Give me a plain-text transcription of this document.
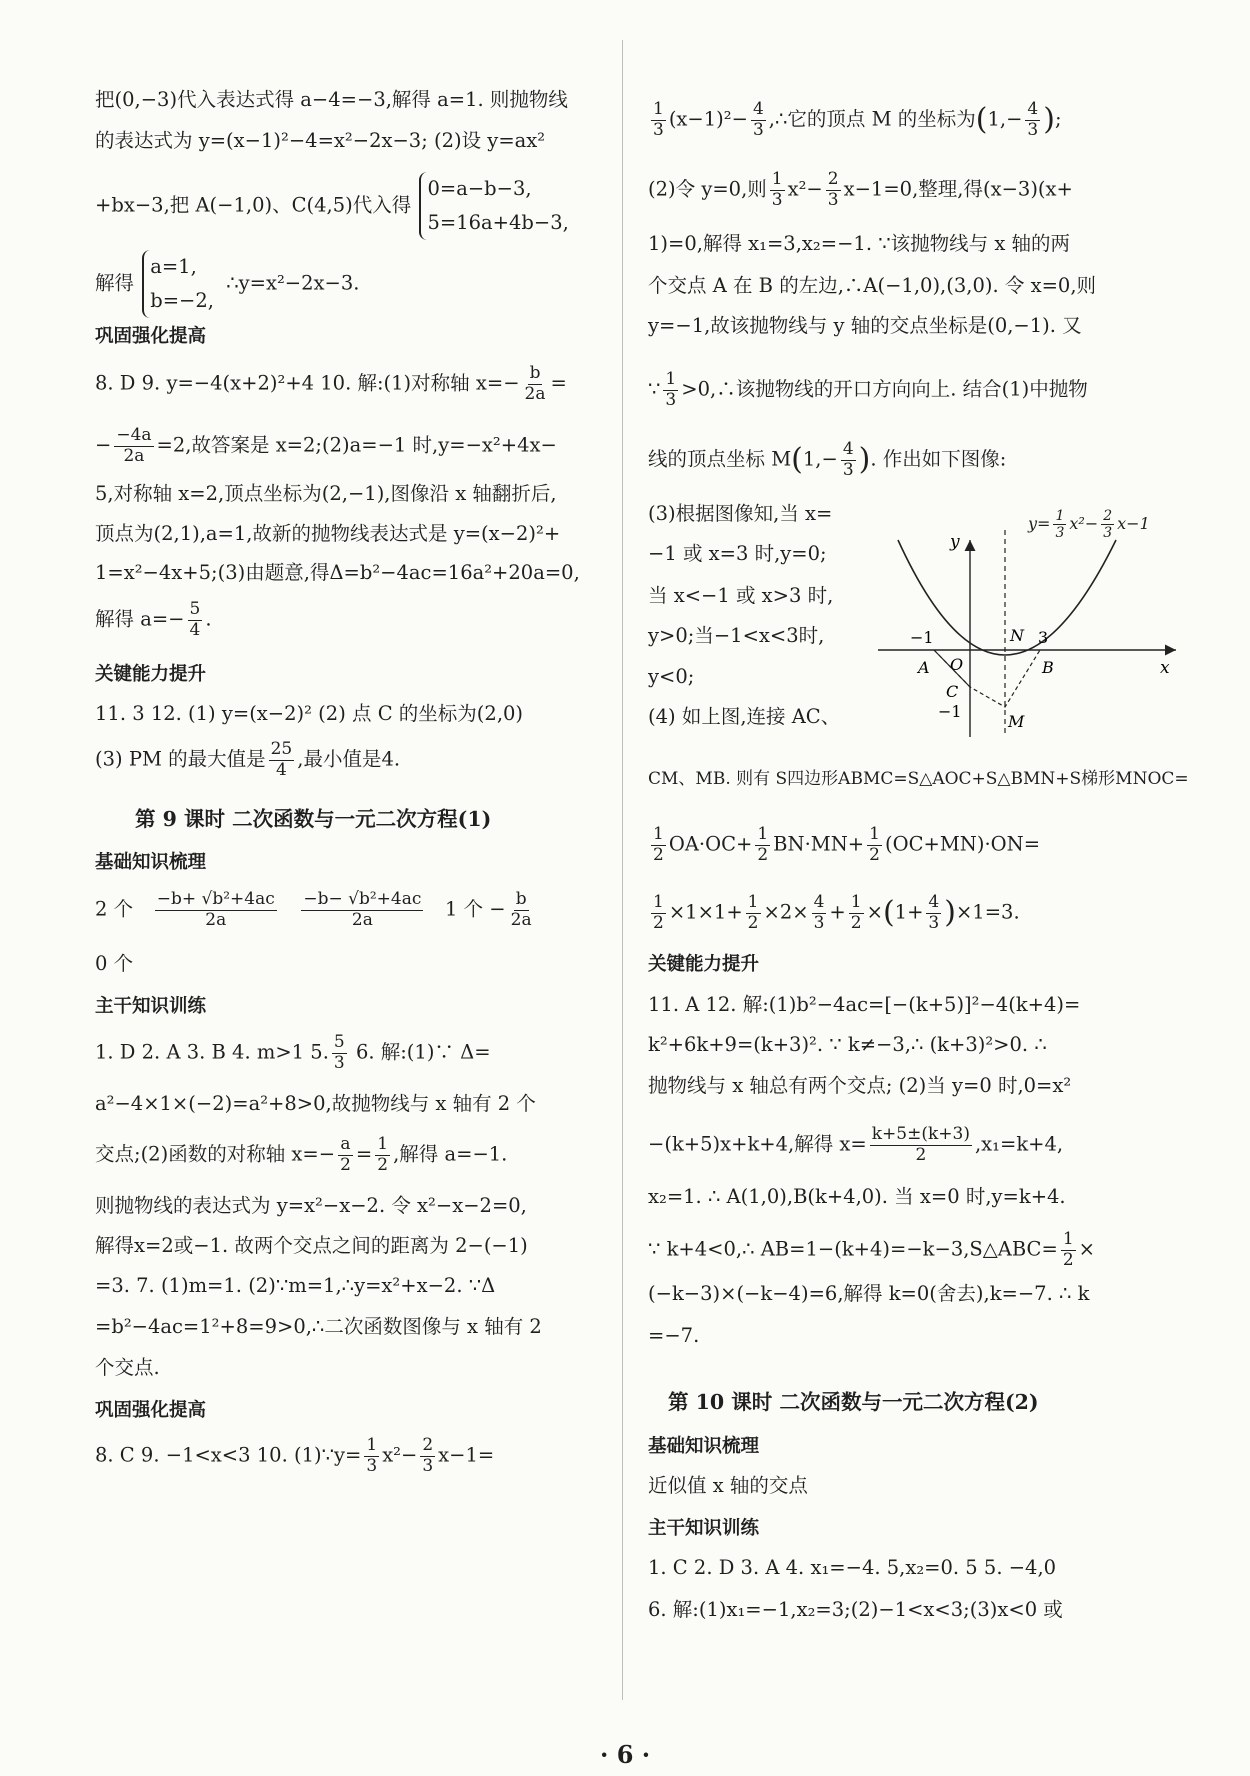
把(0,−3)代入表达式得 a−4=−3,解得 a=1. 则抛物线
的表达式为 y=(x−1)²−4=x²−2x−3; (2)设 y=ax²
+bx−3,把 A(−1,0)、C(4,5)代入得
0=a−b−3,
5=16a+4b−3,
解得
a=1,
b=−2,
∴y=x²−2x−3.
巩固强化提高
8. D 9. y=−4(x+2)²+4 10. 解:(1)对称轴 $x=- \frac{b}{2a}$ =
− $\frac{-4a}{2a} =2$,故答案是 x=2;(2)a=−1 时,y=−x²+4x−
5,对称轴 x=2,顶点坐标为(2,−1),图像沿 x 轴翻折后,
顶点为(2,1),a=1,故新的抛物线表达式是 y=(x−2)²+
1=x²−4x+5;(3)由题意,得Δ=b²−4ac=16a²+20a=0,
解得 $a=- \frac{5}{4}$ .
关键能力提升
11. 3 12. (1) y=(x−2)² (2) 点 C 的坐标为(2,0)
(3) PM 的最大值是 $\frac{25}{4}$ ,最小值是4.
第 9 课时 二次函数与一元二次方程(1)
基础知识梳理
2 个 $\frac{\text{−b+ √b²+4ac}}{2a}$
$\frac{\text{−b− √b²+4ac}}{2a} 1$ 个 − $\frac{b}{2a}$
0 个
主干知识训练
1. D 2. A 3. B 4. m>1 5. $\frac{5}{3} 6$. 解:(1)∵ Δ=
a²−4×1×(−2)=a²+8>0,故抛物线与 x 轴有 2 个
交点;(2)函数的对称轴 $x=- \frac{a}{2} = \frac{1}{2}$ ,解得 a=−1.
则抛物线的表达式为 y=x²−x−2. 令 x²−x−2=0,
解得x=2或−1. 故两个交点之间的距离为 2−(−1)
=3. 7. (1)m=1. (2)∵m=1,∴y=x²+x−2. ∵Δ
=b²−4ac=1²+8=9>0,∴二次函数图像与 x 轴有 2
个交点.
巩固强化提高
8. C 9. −1<x<3 10. (1)∵y= $\frac{1}{3} x^2- \frac{2}{3} x-1=$
$\frac{1}{3} (x-1)^2- \frac{4}{3}$ ,∴它的顶点 M 的坐标为($1,- \frac{4}{3}$ );
(2)令 y=0,则 $\frac{1}{3} x^2- \frac{2}{3} x-1=0$,整理,得(x−3)(x+
1)=0,解得 x₁=3,x₂=−1. ∵该抛物线与 x 轴的两
个交点 A 在 B 的左边,∴A(−1,0),(3,0). 令 x=0,则
y=−1,故该抛物线与 y 轴的交点坐标是(0,−1). 又
∵ $\frac{1}{3}$ >0,∴该抛物线的开口方向向上. 结合(1)中抛物
线的顶点坐标 $M(1,- \frac{4}{3}$ ). 作出如下图像:
(3)根据图像知,当 x=
−1 或 x=3 时,y=0;
当 x<−1 或 x>3 时,
y>0;当−1<x<3时,
y<0;
(4) 如上图,连接 AC、
y
x
−1	3
N
A O	B
C
−1
M
$y= \frac{1}{3} x^2- \frac{2}{3} x-1$
CM、MB. 则有 S四边形ABMC=S△AOC+S△BMN+S梯形MNOC=
$\frac{1}{2} OA\cdot OC+ \frac{1}{2} BN\cdot MN+ \frac{1}{2} (OC+MN)\cdot ON=$
$\frac{1}{2} \times 1\times 1+ \frac{1}{2} \times 2\times \frac{4}{3} + \frac{1}{2} \times(1+ \frac{4}{3} )\times 1=3$.
关键能力提升
11. A 12. 解:(1)b²−4ac=[−(k+5)]²−4(k+4)=
k²+6k+9=(k+3)². ∵ k≠−3,∴ (k+3)²>0. ∴
抛物线与 x 轴总有两个交点; (2)当 y=0 时,0=x²
−(k+5)x+k+4,解得 $x= \frac{k+5\pm(k+3)}{2} ,x_1=k+4$,
x₂=1. ∴ A(1,0),B(k+4,0). 当 x=0 时,y=k+4.
∵ k+4<0,∴ AB=1−(k+4)=−k−3,S△ABC= $\frac{1}{2}$ ×
(−k−3)×(−k−4)=6,解得 k=0(舍去),k=−7. ∴ k
=−7.
第 10 课时 二次函数与一元二次方程(2)
基础知识梳理
近似值 x 轴的交点
主干知识训练
1. C 2. D 3. A 4. x₁=−4. 5,x₂=0. 5 5. −4,0
6. 解:(1)x₁=−1,x₂=3;(2)−1<x<3;(3)x<0 或
· 6 ·
